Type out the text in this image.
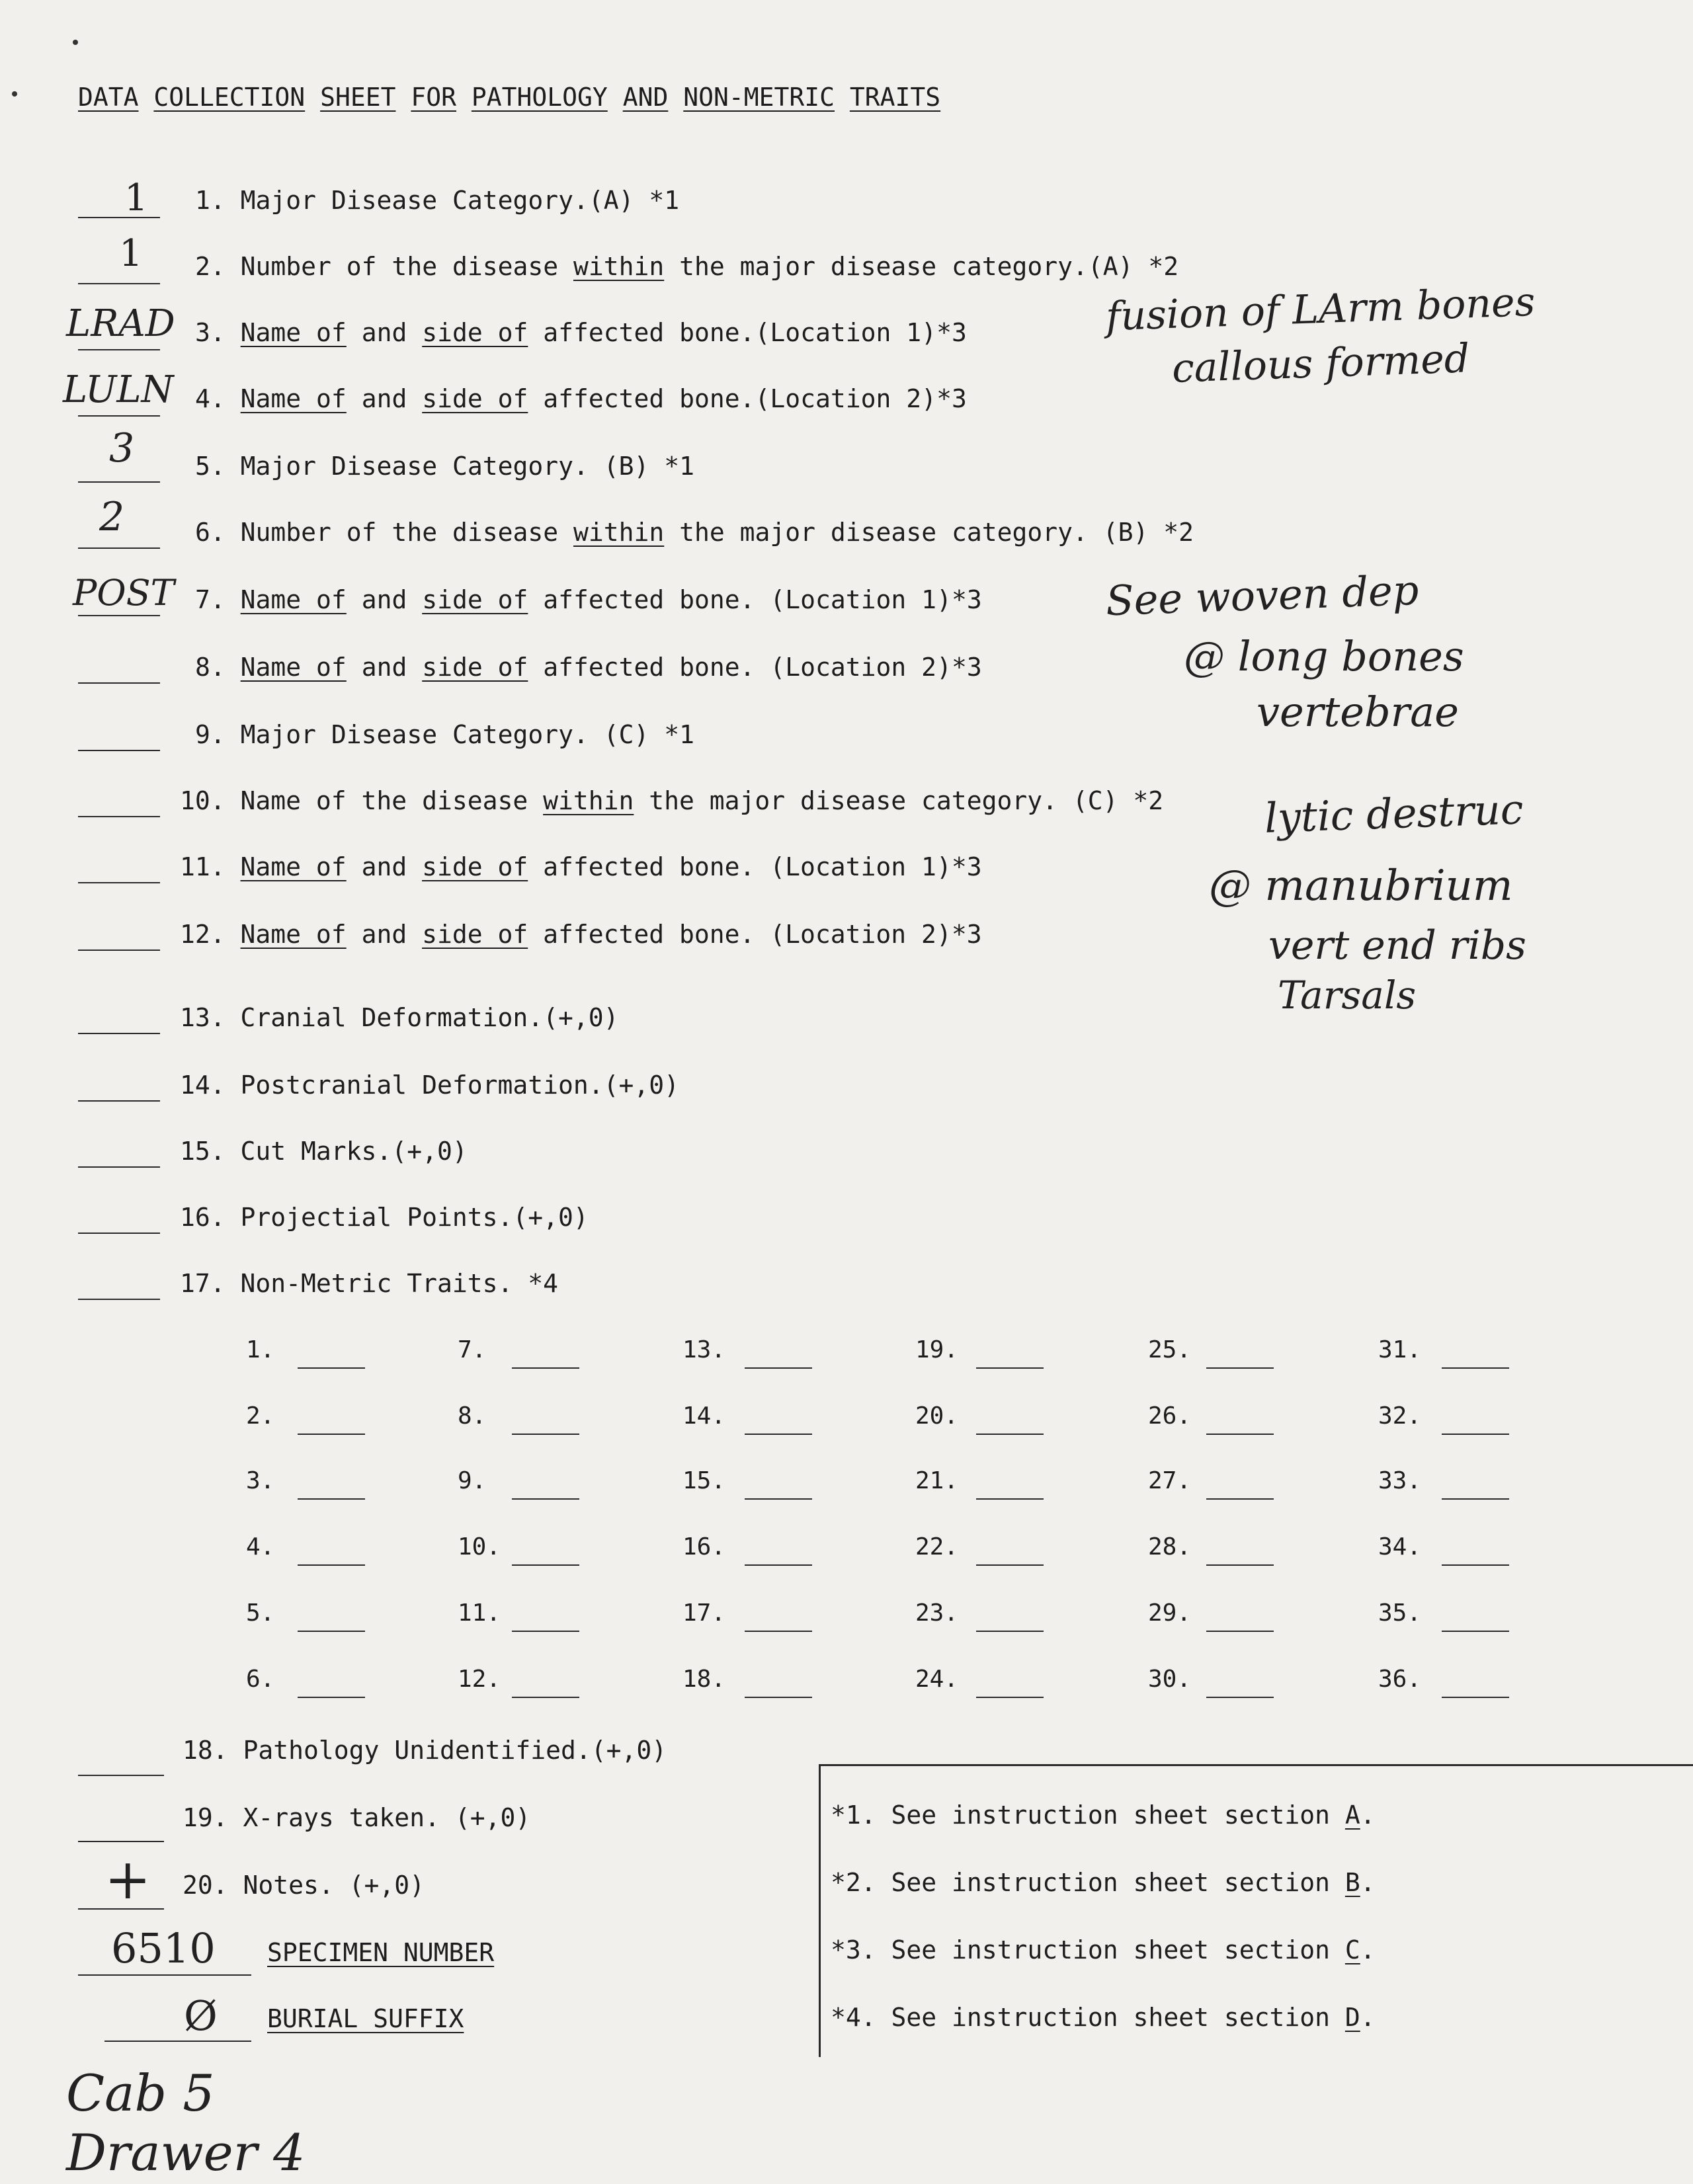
DATA COLLECTION SHEET FOR PATHOLOGY AND NON-METRIC TRAITS
1 1. Major Disease Category.(A) *1
1 2. Number of the disease within the major disease category.(A) *2
LRAD 3. Name of and side of affected bone.(Location 1)*3
LULN 4. Name of and side of affected bone.(Location 2)*3
3 5. Major Disease Category. (B) *1
2	6. Number of the disease within the major disease category. (B) *2
POST 7. Name of and side of affected bone. (Location 1)*3
8. Name of and side of affected bone. (Location 2)*3
9. Major Disease Category. (C) *1
10. Name of the disease within the major disease category. (C) *2
11. Name of and side of affected bone. (Location 1)*3
12. Name of and side of affected bone. (Location 2)*3
13. Cranial Deformation.(+,0)
14. Postcranial Deformation.(+,0)
15. Cut Marks.(+,0)
16. Projectial Points.(+,0)
17. Non-Metric Traits. *4
1.
2.
3.
4.
5.
6.
7.
8.
9.
10.
11.
12.
13.
14.
15.
16.
17.
18.
19.
20.
21.
22.
23.
24.
25.
26.
27.
28.
29.
30.
31.
32.
33.
34.
35.
36.
18. Pathology Unidentified.(+,0)
19. X-rays taken. (+,0)
+ 20. Notes. (+,0)
6510 SPECIMEN NUMBER
Ø BURIAL SUFFIX
*1. See instruction sheet section A.
*2. See instruction sheet section B.
*3. See instruction sheet section C.
*4. See instruction sheet section D.
fusion of LArm bones
callous formed
See woven dep
@ long bones
vertebrae
lytic destruc
@ manubrium
vert end ribs
Tarsals
Cab 5
Drawer 4
